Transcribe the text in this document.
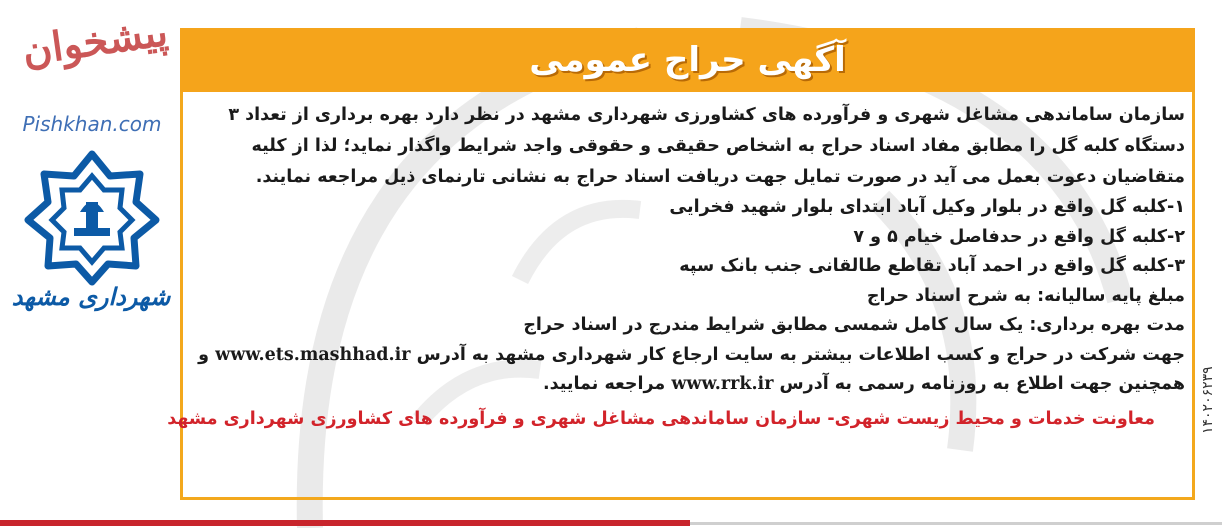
آگهی حراج عمومی
پیشخوان
Pishkhan.com
شهرداری مشهد

سازمان ساماندهی مشاغل شهری و فرآورده های کشاورزی شهرداری مشهد در نظر دارد بهره برداری از تعداد ۳ دستگاه کلبه گل را مطابق مفاد اسناد حراج به اشخاص حقیقی و حقوقی واجد شرایط واگذار نماید؛ لذا از کلیه متقاضیان دعوت بعمل می آید در صورت تمایل جهت دریافت اسناد حراج به نشانی تارنمای ذیل مراجعه نمایند.

۱-کلبه گل واقع در بلوار وکیل آباد ابتدای بلوار شهید فخرایی

۲-کلبه گل واقع در حدفاصل خیام ۵ و ۷

۳-کلبه گل واقع در احمد آباد تقاطع طالقانی جنب بانک سپه

مبلغ پایه سالیانه: به شرح اسناد حراج

مدت بهره برداری: یک سال کامل شمسی مطابق شرایط مندرج در اسناد حراج

جهت شرکت در حراج و کسب اطلاعات بیشتر به سایت ارجاع کار شهرداری مشهد به آدرس www.ets.mashhad.ir و

همچنین جهت اطلاع به روزنامه رسمی به آدرس www.rrk.ir مراجعه نمایید.

معاونت خدمات و محیط زیست شهری- سازمان ساماندهی مشاغل شهری و فرآورده های کشاورزی شهرداری مشهد	۱۴۰۲۰۶۲۳۹
